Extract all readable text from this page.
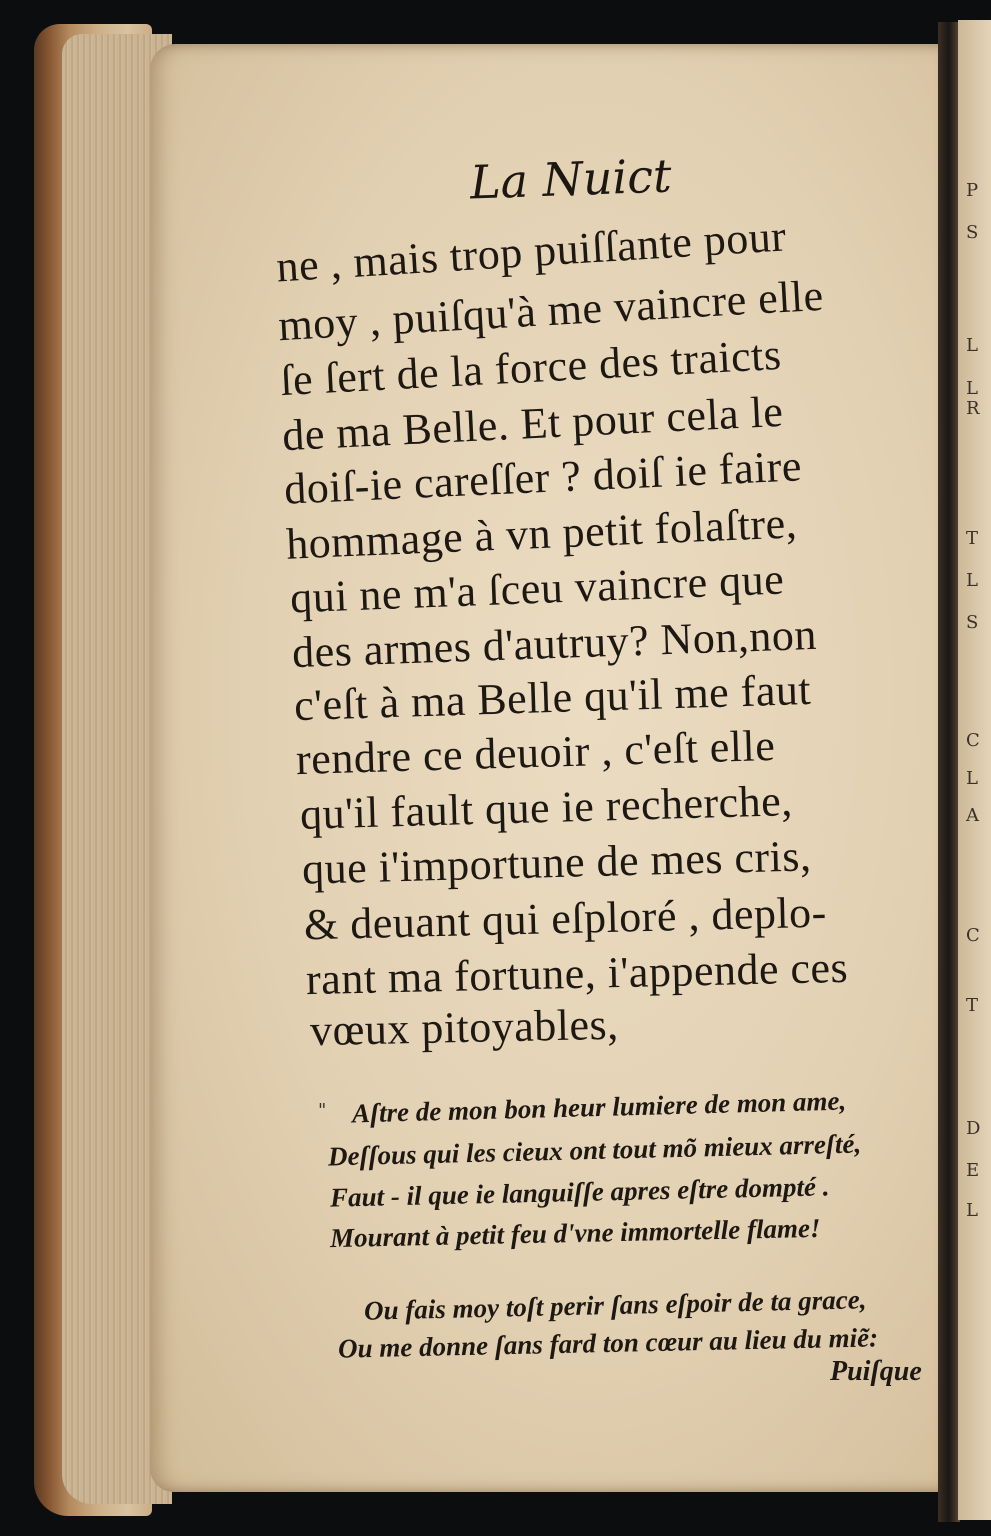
P
S
L
L
R
T
L
S
C
L
A
C
T
D
E
L
La Nuict
ne , mais trop puiſſante pour
moy , puiſqu'à me vaincre elle
ſe ſert de la force des traicts
de ma Belle. Et pour cela le
doiſ-ie careſſer ? doiſ ie faire
hommage à vn petit folaſtre,
qui ne m'a ſceu vaincre que
des armes d'autruy? Non,non
c'eſt à ma Belle qu'il me faut
rendre ce deuoir , c'eſt elle
qu'il fault que ie recherche,
que i'importune de mes cris,
& deuant qui eſploré , deplo-
rant ma fortune, i'appende ces
vœux pitoyables,
" Aſtre de mon bon heur lumiere de mon ame,
Deſſous qui les cieux ont tout mõ mieux arreſté,
Faut - il que ie languiſſe apres eſtre dompté .
Mourant à petit feu d'vne immortelle flame!
Ou fais moy toſt perir ſans eſpoir de ta grace,
Ou me donne ſans fard ton cœur au lieu du miẽ:
Puiſque
